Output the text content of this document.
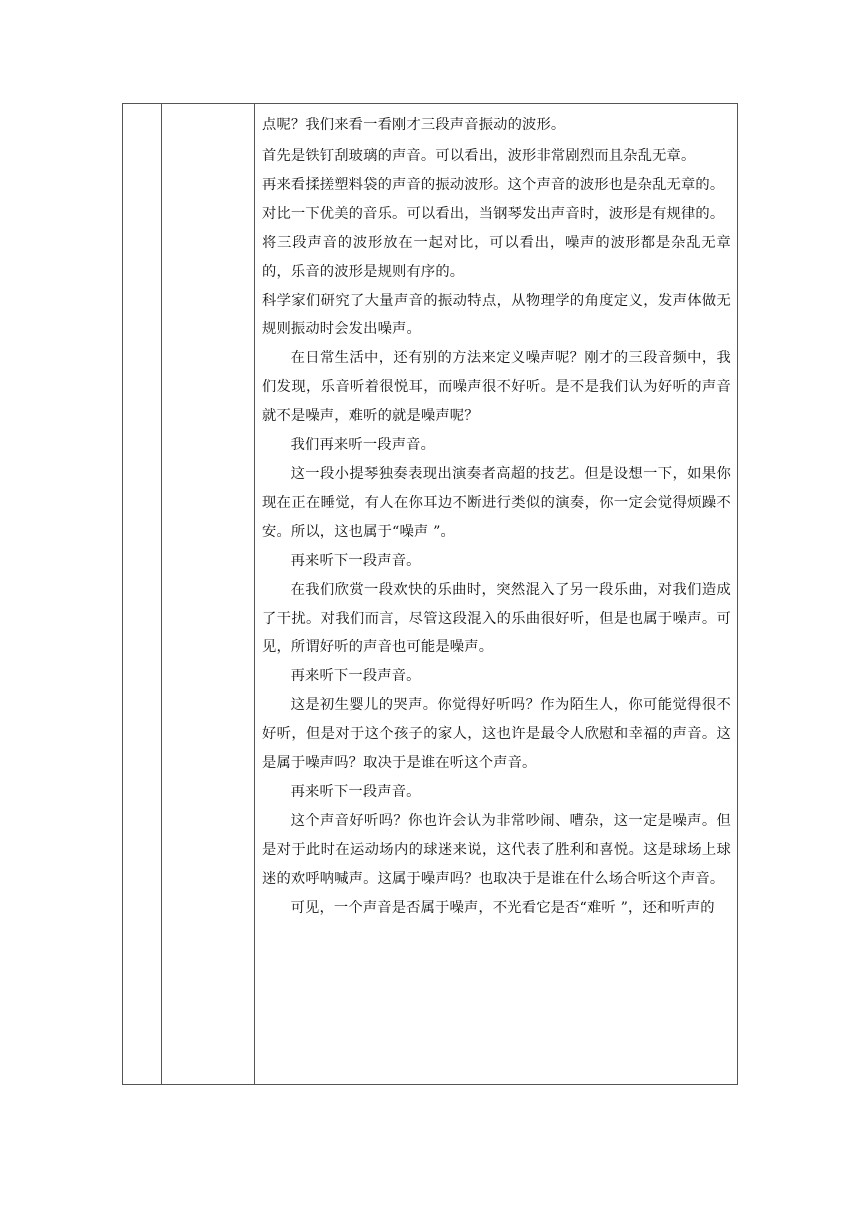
点呢？我们来看一看刚才三段声音振动的波形。

首先是铁钉刮玻璃的声音。可以看出，波形非常剧烈而且杂乱无章。

再来看揉搓塑料袋的声音的振动波形。这个声音的波形也是杂乱无章的。

对比一下优美的音乐。可以看出，当钢琴发出声音时，波形是有规律的。

将三段声音的波形放在一起对比，可以看出，噪声的波形都是杂乱无章的，乐音的波形是规则有序的。

科学家们研究了大量声音的振动特点，从物理学的角度定义，发声体做无规则振动时会发出噪声。

在日常生活中，还有别的方法来定义噪声呢？刚才的三段音频中，我们发现，乐音听着很悦耳，而噪声很不好听。是不是我们认为好听的声音就不是噪声，难听的就是噪声呢？

我们再来听一段声音。

这一段小提琴独奏表现出演奏者高超的技艺。但是设想一下，如果你现在正在睡觉，有人在你耳边不断进行类似的演奏，你一定会觉得烦躁不安。所以，这也属于“噪声 ”。

再来听下一段声音。

在我们欣赏一段欢快的乐曲时，突然混入了另一段乐曲，对我们造成了干扰。对我们而言，尽管这段混入的乐曲很好听，但是也属于噪声。可见，所谓好听的声音也可能是噪声。

再来听下一段声音。

这是初生婴儿的哭声。你觉得好听吗？作为陌生人，你可能觉得很不好听，但是对于这个孩子的家人，这也许是最令人欣慰和幸福的声音。这是属于噪声吗？取决于是谁在听这个声音。

再来听下一段声音。

这个声音好听吗？你也许会认为非常吵闹、嘈杂，这一定是噪声。但是对于此时在运动场内的球迷来说，这代表了胜利和喜悦。这是球场上球迷的欢呼呐喊声。这属于噪声吗？也取决于是谁在什么场合听这个声音。

可见，一个声音是否属于噪声，不光看它是否“难听 ”，还和听声的
